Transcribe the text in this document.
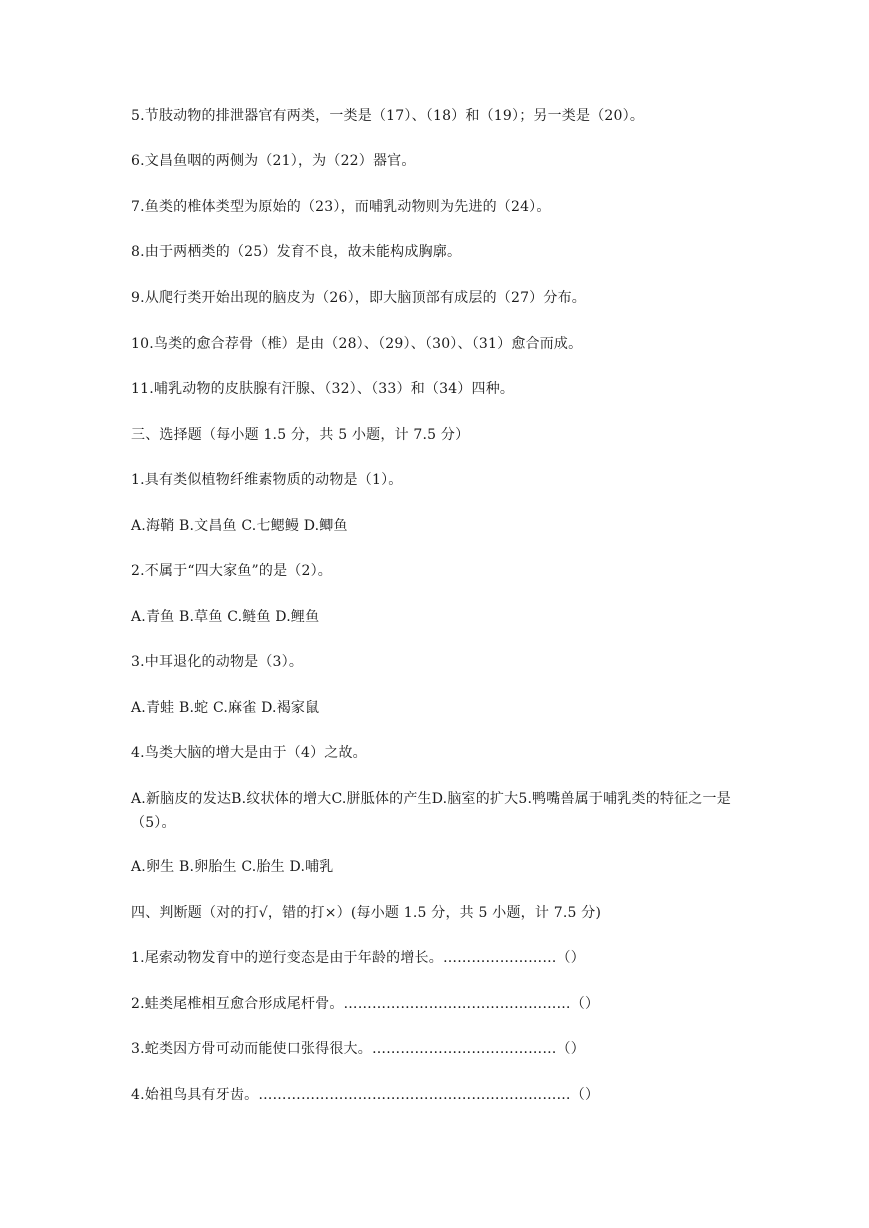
5.节肢动物的排泄器官有两类，一类是（17）、（18）和（19）；另一类是（20）。
6.文昌鱼咽的两侧为（21），为（22）器官。
7.鱼类的椎体类型为原始的（23），而哺乳动物则为先进的（24）。
8.由于两栖类的（25）发育不良，故未能构成胸廓。
9.从爬行类开始出现的脑皮为（26），即大脑顶部有成层的（27）分布。
10.鸟类的愈合荐骨（椎）是由（28）、（29）、（30）、（31）愈合而成。
11.哺乳动物的皮肤腺有汗腺、（32）、（33）和（34）四种。
三、选择题（每小题 1.5 分，共 5 小题，计 7.5 分）
1.具有类似植物纤维素物质的动物是（1）。
A.海鞘 B.文昌鱼 C.七鳃鳗 D.鲫鱼
2.不属于“四大家鱼”的是（2）。
A.青鱼 B.草鱼 C.鲢鱼 D.鲤鱼
3.中耳退化的动物是（3）。
A.青蛙 B.蛇 C.麻雀 D.褐家鼠
4.鸟类大脑的增大是由于（4）之故。
A.新脑皮的发达B.纹状体的增大C.胼胝体的产生D.脑室的扩大5.鸭嘴兽属于哺乳类的特征之一是（5）。
A.卵生 B.卵胎生 C.胎生 D.哺乳
四、判断题（对的打√，错的打×）(每小题 1.5 分，共 5 小题，计 7.5 分)
1.尾索动物发育中的逆行变态是由于年龄的增长。……………………（）
2.蛙类尾椎相互愈合形成尾杆骨。…………………………………………（）
3.蛇类因方骨可动而能使口张得很大。…………………………………（）
4.始祖鸟具有牙齿。…………………………………………………………（）
